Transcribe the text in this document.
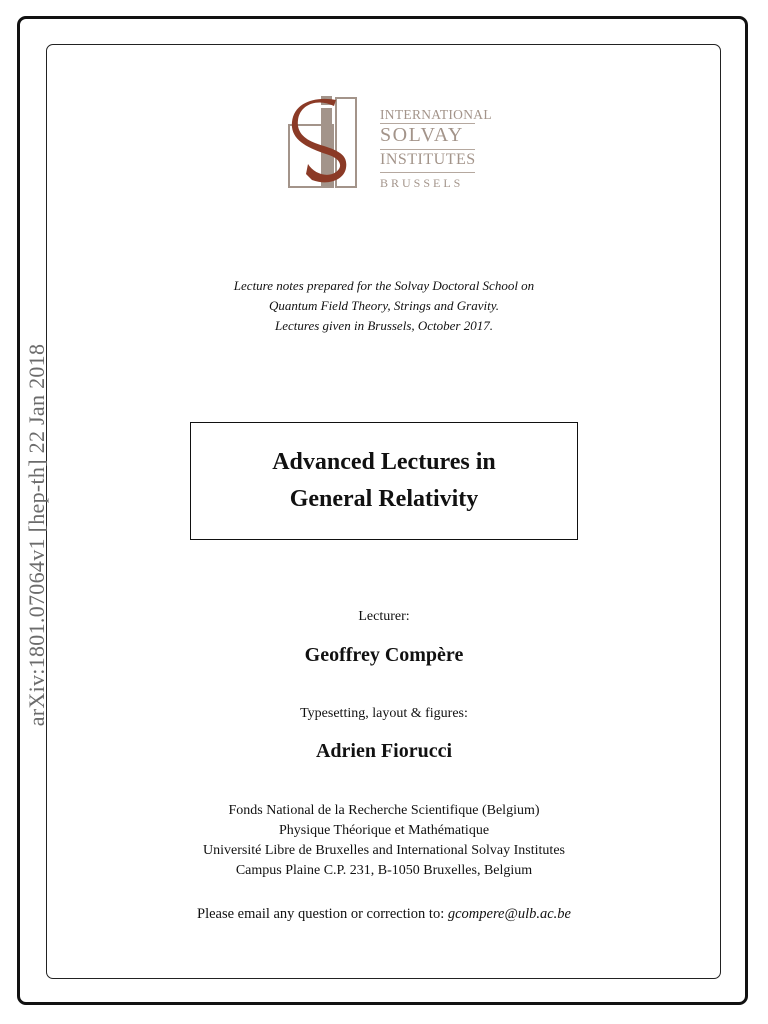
arXiv:1801.07064v1 [hep-th] 22 Jan 2018
INTERNATIONAL
SOLVAY
INSTITUTES
BRUSSELS
Lecture notes prepared for the Solvay Doctoral School on
Quantum Field Theory, Strings and Gravity.
Lectures given in Brussels, October 2017.
Advanced Lectures in
General Relativity
Lecturer:
Geoffrey Compère
Typesetting, layout & figures:
Adrien Fiorucci
Fonds National de la Recherche Scientifique (Belgium)
Physique Théorique et Mathématique
Université Libre de Bruxelles and International Solvay Institutes
Campus Plaine C.P. 231, B-1050 Bruxelles, Belgium
Please email any question or correction to: gcompere@ulb.ac.be
